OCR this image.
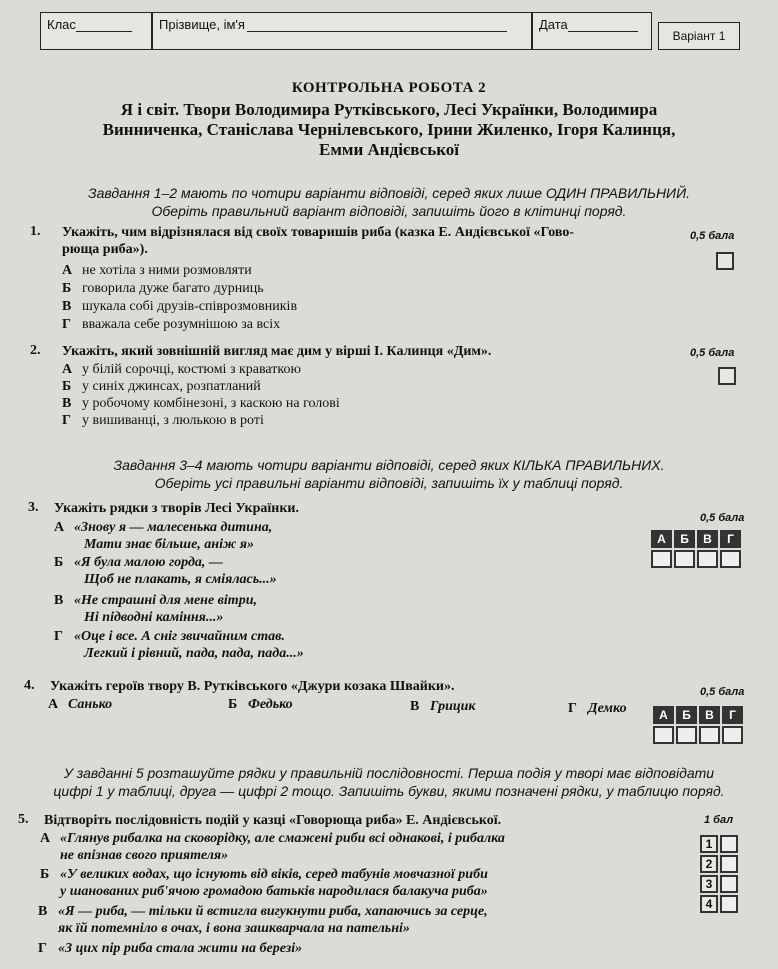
Клас	Прізвище, ім'я	Дата
Варіант 1
КОНТРОЛЬНА РОБОТА 2
Я і світ. Твори Володимира Рутківського, Лесі Українки, Володимира
Винниченка, Станіслава Чернілевського, Ірини Жиленко, Ігоря Калинця,
Емми Андієвської
Завдання 1–2 мають по чотири варіанти відповіді, серед яких лише ОДИН ПРАВИЛЬНИЙ.
Оберіть правильний варіант відповіді, запишіть його в клітинці поряд.
1. Укажіть, чим відрізнялася від своїх товаришів риба (казка Е. Андієвської «Гово-
рюща риба»).
0,5 бала
А не хотіла з ними розмовляти
Б говорила дуже багато дурниць
В шукала собі друзів-співрозмовників
Г вважала себе розумнішою за всіх
2. Укажіть, який зовнішній вигляд має дим у вірші І. Калинця «Дим».	0,5 бала
А у білій сорочці, костюмі з краваткою
Б у синіх джинсах, розпатланий
В у робочому комбінезоні, з каскою на голові
Г у вишиванці, з люлькою в роті
Завдання 3–4 мають чотири варіанти відповіді, серед яких КІЛЬКА ПРАВИЛЬНИХ.
Оберіть усі правильні варіанти відповіді, запишіть їх у таблиці поряд.
3. Укажіть рядки з творів Лесі Українки.
0,5 бала
А	Б	В	Г
А «Знову я — малесенька дитина,
Мати знає більше, аніж я»
Б «Я була малою горда, —
Щоб не плакать, я сміялась...»
В «Не страшні для мене вітри,
Ні підводні каміння...»
Г «Оце і все. А сніг звичайним став.
Легкий і рівний, пада, пада, пада...»
4. Укажіть героїв твору В. Рутківського «Джури козака Швайки».	0,5 бала
А Санько	Б Федько	В Грицик	Г Демко	А	Б	В	Г
У завданні 5 розташуйте рядки у правильній послідовності. Перша подія у творі має відповідати
цифрі 1 у таблиці, друга — цифрі 2 тощо. Запишіть букви, якими позначені рядки, у таблицю поряд.
5. Відтворіть послідовність подій у казці «Говорюща риба» Е. Андієвської.	1 бал
1
2
3
4
А «Глянув рибалка на сковорідку, але смажені риби всі однакові, і рибалка
не впізнав свого приятеля»
Б «У великих водах, що існують від віків, серед табунів мовчазної риби
у шанованих риб'ячою громадою батьків народилася балакуча риба»
В «Я — риба, — тільки й встигла вигукнути риба, хапаючись за серце,
як їй потемніло в очах, і вона зашкварчала на пательні»
Г «З цих пір риба стала жити на березі»
